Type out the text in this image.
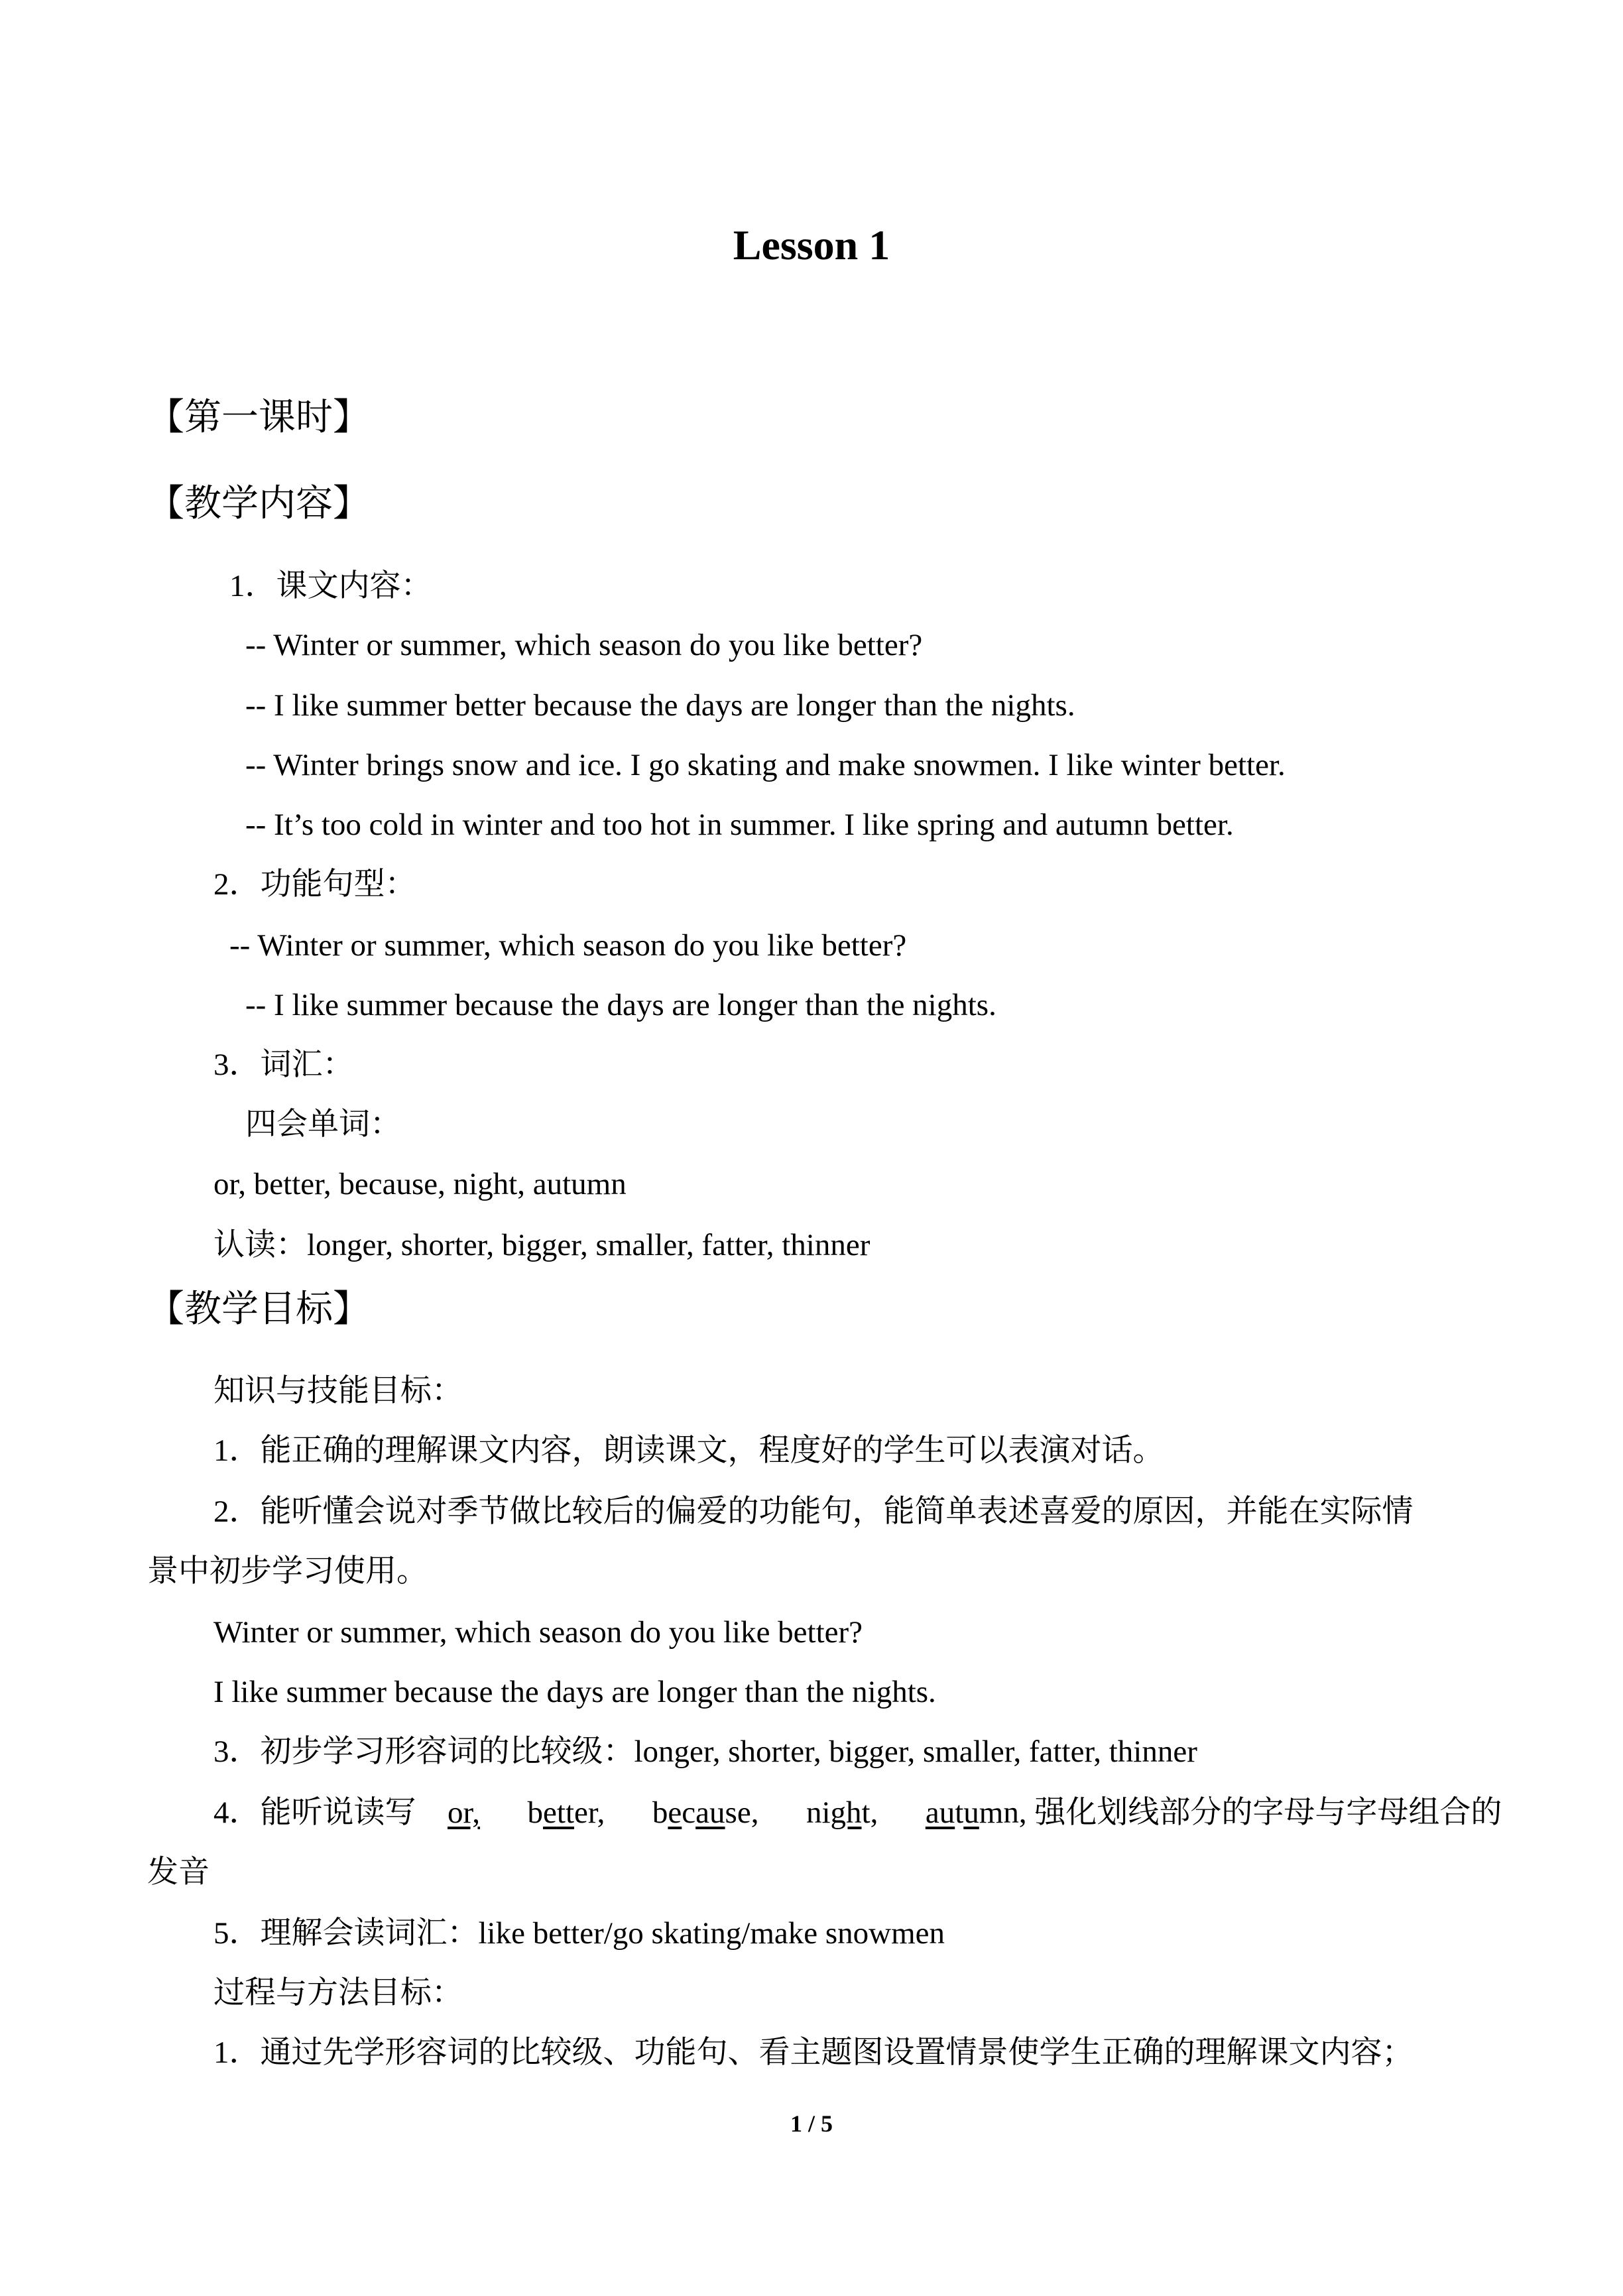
Lesson 1
【第一课时】
【教学内容】
1．课文内容：
-- Winter or summer, which season do you like better?
-- I like summer better because the days are longer than the nights.
-- Winter brings snow and ice. I go skating and make snowmen. I like winter better.
-- It’s too cold in winter and too hot in summer. I like spring and autumn better.
2．功能句型：
-- Winter or summer, which season do you like better?
-- I like summer because the days are longer than the nights.
3．词汇：
四会单词：
or, better, because, night, autumn
认读：longer, shorter, bigger, smaller, fatter, thinner
【教学目标】
知识与技能目标：
1．能正确的理解课文内容，朗读课文，程度好的学生可以表演对话。
2．能听懂会说对季节做比较后的偏爱的功能句，能简单表述喜爱的原因，并能在实际情
景中初步学习使用。
Winter or summer, which season do you like better?
I like summer because the days are longer than the nights.
3．初步学习形容词的比较级：longer, shorter, bigger, smaller, fatter, thinner
4．能听说读写 or, better, because, night, autumn, 强化划线部分的字母与字母组合的
发音
5．理解会读词汇：like better/go skating/make snowmen
过程与方法目标：
1．通过先学形容词的比较级、功能句、看主题图设置情景使学生正确的理解课文内容；
1 / 5
